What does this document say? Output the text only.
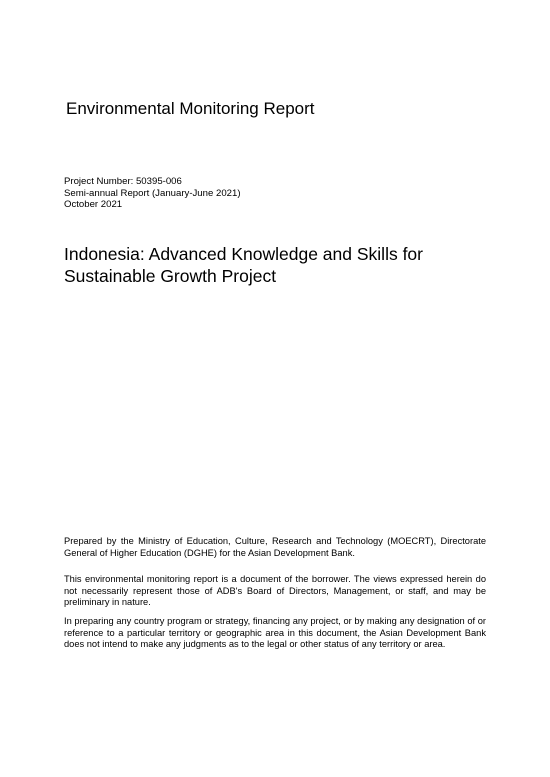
Environmental Monitoring Report
Project Number: 50395-006
Semi-annual Report (January-June 2021)
October 2021
Indonesia: Advanced Knowledge and Skills for
Sustainable Growth Project
Prepared by the Ministry of Education, Culture, Research and Technology (MOECRT), Directorate General of Higher Education (DGHE) for the Asian Development Bank.
This environmental monitoring report is a document of the borrower. The views expressed herein do not necessarily represent those of ADB's Board of Directors, Management, or staff, and may be preliminary in nature.
In preparing any country program or strategy, financing any project, or by making any designation of or reference to a particular territory or geographic area in this document, the Asian Development Bank does not intend to make any judgments as to the legal or other status of any territory or area.
